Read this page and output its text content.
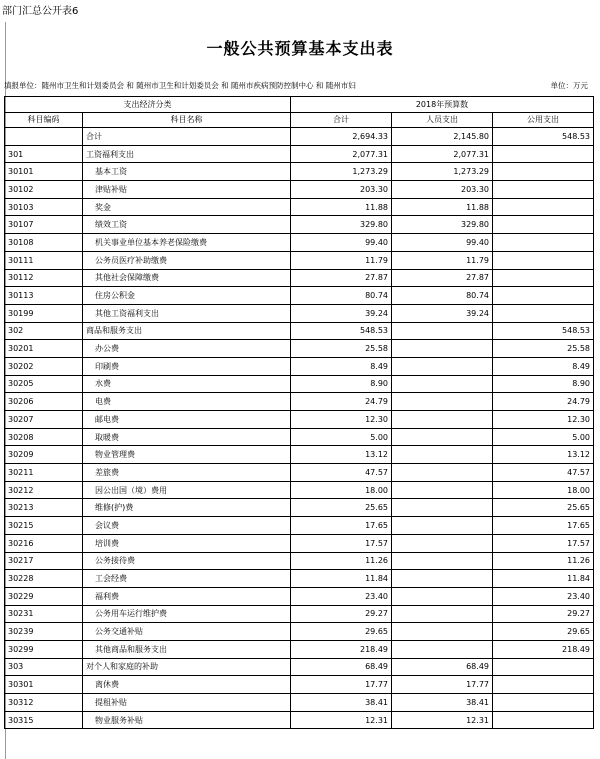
部门汇总公开表6
一般公共预算基本支出表
填报单位：随州市卫生和计划委员会 和 随州市卫生和计划委员会 和 随州市疾病预防控制中心 和 随州市妇	单位：万元
支出经济分类		2018年预算数		
科目编码	科目名称	合计	人员支出	公用支出
	合计	2,694.33	2,145.80	548.53
301	工资福利支出	2,077.31	2,077.31	
30101	基本工资	1,273.29	1,273.29	
30102	津贴补贴	203.30	203.30	
30103	奖金	11.88	11.88	
30107	绩效工资	329.80	329.80	
30108	机关事业单位基本养老保险缴费	99.40	99.40	
30111	公务员医疗补助缴费	11.79	11.79	
30112	其他社会保障缴费	27.87	27.87	
30113	住房公积金	80.74	80.74	
30199	其他工资福利支出	39.24	39.24	
302	商品和服务支出	548.53		548.53
30201	办公费	25.58		25.58
30202	印刷费	8.49		8.49
30205	水费	8.90		8.90
30206	电费	24.79		24.79
30207	邮电费	12.30		12.30
30208	取暖费	5.00		5.00
30209	物业管理费	13.12		13.12
30211	差旅费	47.57		47.57
30212	因公出国（境）费用	18.00		18.00
30213	维修(护)费	25.65		25.65
30215	会议费	17.65		17.65
30216	培训费	17.57		17.57
30217	公务接待费	11.26		11.26
30228	工会经费	11.84		11.84
30229	福利费	23.40		23.40
30231	公务用车运行维护费	29.27		29.27
30239	公务交通补贴	29.65		29.65
30299	其他商品和服务支出	218.49		218.49
303	对个人和家庭的补助	68.49	68.49	
30301	离休费	17.77	17.77	
30312	提租补贴	38.41	38.41	
30315	物业服务补贴	12.31	12.31	
